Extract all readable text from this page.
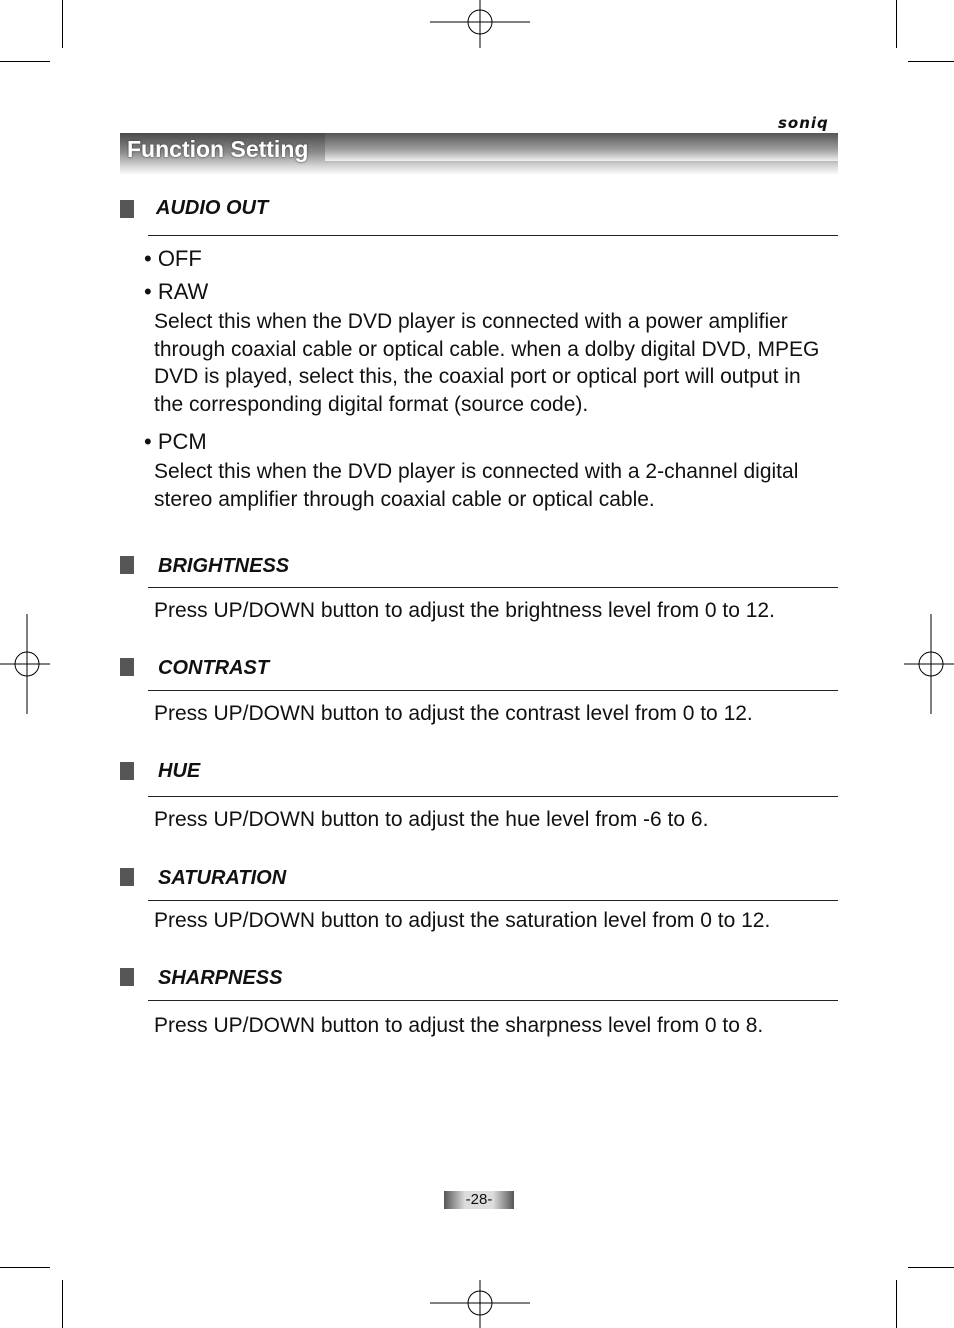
soniq
Function Setting
AUDIO OUT
• OFF
• RAW
Select this when the DVD player is connected with a power amplifier through coaxial cable or optical cable. when a dolby digital DVD, MPEG DVD is played, select this, the coaxial port or optical port will output in the corresponding digital format (source code).
• PCM
Select this when the DVD player is connected with a 2-channel digital stereo amplifier through coaxial cable or optical cable.
BRIGHTNESS
Press UP/DOWN button to adjust the brightness level from 0 to 12.
CONTRAST
Press UP/DOWN button to adjust the contrast level from 0 to 12.
HUE
Press UP/DOWN button to adjust the hue level from -6 to 6.
SATURATION
Press UP/DOWN button to adjust the saturation level from 0 to 12.
SHARPNESS
Press UP/DOWN button to adjust the sharpness level from 0 to 8.
-28-
